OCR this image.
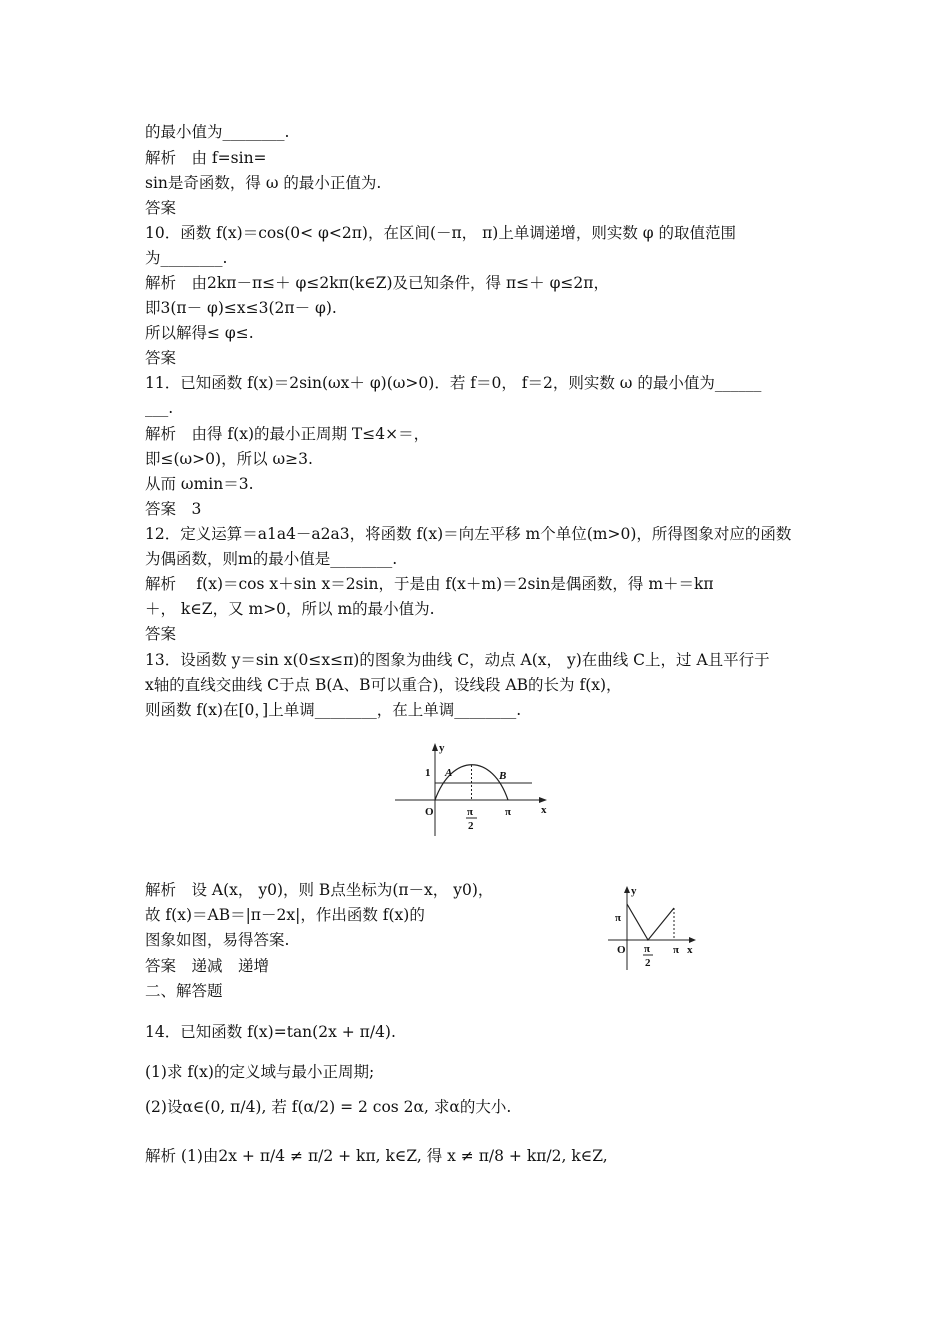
的最小值为________.
解析　由 f=sin=
sin是奇函数，得 ω 的最小正值为.
答案
10．函数 f(x)＝cos(0< φ<2π)，在区间(－π， π)上单调递增，则实数 φ 的取值范围
为________.
解析　由2kπ－π≤＋ φ≤2kπ(k∈Z)及已知条件，得 π≤＋ φ≤2π，
即3(π－ φ)≤x≤3(2π－ φ).
所以解得≤ φ≤.
答案
11．已知函数 f(x)＝2sin(ωx＋ φ)(ω>0)．若 f＝0， f＝2，则实数 ω 的最小值为______
___.
解析　由得 f(x)的最小正周期 T≤4×＝，
即≤(ω>0)，所以 ω≥3.
从而 ωmin＝3.
答案　3
12．定义运算＝a1a4－a2a3，将函数 f(x)＝向左平移 m个单位(m>0)，所得图象对应的函数
为偶函数，则m的最小值是________.
解析　 f(x)＝cos x＋sin x＝2sin，于是由 f(x＋m)＝2sin是偶函数，得 m＋＝kπ
＋， k∈Z，又 m>0，所以 m的最小值为.
答案
13．设函数 y＝sin x(0≤x≤π)的图象为曲线 C，动点 A(x， y)在曲线 C上，过 A且平行于
x轴的直线交曲线 C于点 B(A、B可以重合)，设线段 AB的长为 f(x)，
则函数 f(x)在[0，]上单调________，在上单调________.
y
x
1 A	B
O	π
π
2
解析　设 A(x， y0)，则 B点坐标为(π－x， y0)，
故 f(x)＝AB＝|π－2x|，作出函数 f(x)的
图象如图，易得答案.
答案　递减　递增
二、解答题
y
x
π
O	π
π
2
14．已知函数 f(x)=tan(2x + π/4).
(1)求 f(x)的定义域与最小正周期;
(2)设α∈(0, π/4), 若 f(α/2) = 2 cos 2α, 求α的大小.
解析 (1)由2x + π/4 ≠ π/2 + kπ, k∈Z, 得 x ≠ π/8 + kπ/2, k∈Z,
